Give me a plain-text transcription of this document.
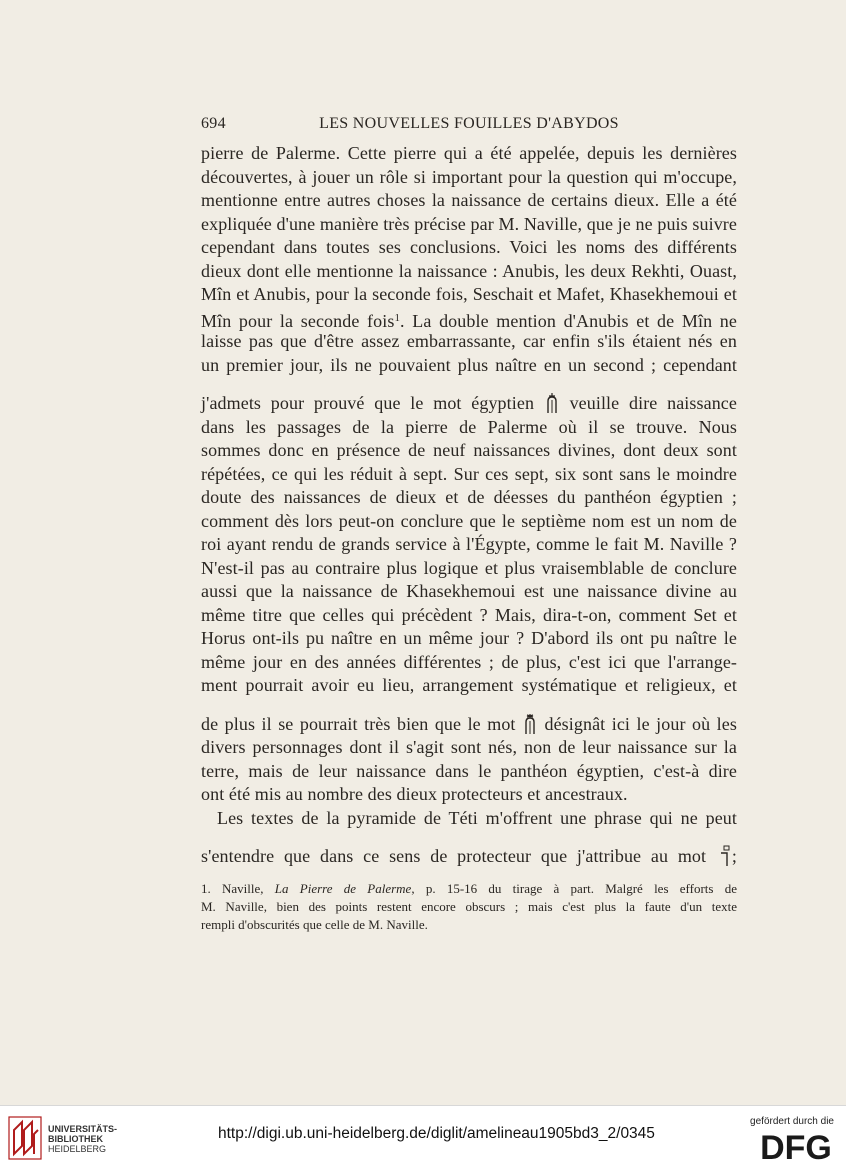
694	LES NOUVELLES FOUILLES D'ABYDOS
pierre de Palerme. Cette pierre qui a été appelée, depuis les dernières
découvertes, à jouer un rôle si important pour la question qui m'occupe,
mentionne entre autres choses la naissance de certains dieux. Elle a été
expliquée d'une manière très précise par M. Naville, que je ne puis suivre
cependant dans toutes ses conclusions. Voici les noms des différents
dieux dont elle mentionne la naissance : Anubis, les deux Rekhti, Ouast,
Mîn et Anubis, pour la seconde fois, Seschait et Mafet, Khasekhemoui et
Mîn pour la seconde fois$^1$. La double mention d'Anubis et de Mîn ne
laisse pas que d'être assez embarrassante, car enfin s'ils étaient nés en
un premier jour, ils ne pouvaient plus naître en un second ; cependant
j'admets pour prouvé que le mot égyptien veuille dire naissance
dans les passages de la pierre de Palerme où il se trouve. Nous
sommes donc en présence de neuf naissances divines, dont deux sont
répétées, ce qui les réduit à sept. Sur ces sept, six sont sans le moindre
doute des naissances de dieux et de déesses du panthéon égyptien ;
comment dès lors peut-on conclure que le septième nom est un nom de
roi ayant rendu de grands service à l'Égypte, comme le fait M. Naville ?
N'est-il pas au contraire plus logique et plus vraisemblable de conclure
aussi que la naissance de Khasekhemoui est une naissance divine au
même titre que celles qui précèdent ? Mais, dira-t-on, comment Set et
Horus ont-ils pu naître en un même jour ? D'abord ils ont pu naître le
même jour en des années différentes ; de plus, c'est ici que l'arrange-
ment pourrait avoir eu lieu, arrangement systématique et religieux, et
de plus il se pourrait très bien que le mot désignât ici le jour où les
divers personnages dont il s'agit sont nés, non de leur naissance sur la
terre, mais de leur naissance dans le panthéon égyptien, c'est-à dire
ont été mis au nombre des dieux protecteurs et ancestraux.
Les textes de la pyramide de Téti m'offrent une phrase qui ne peut
s'entendre que dans ce sens de protecteur que j'attribue au mot ;
1. Naville, La Pierre de Palerme, p. 15-16 du tirage à part. Malgré les efforts de
M. Naville, bien des points restent encore obscurs ; mais c'est plus la faute d'un texte
rempli d'obscurités que celle de M. Naville.
UNIVERSITÄTS-
BIBLIOTHEK
HEIDELBERG
http://digi.ub.uni-heidelberg.de/diglit/amelineau1905bd3_2/0345
gefördert durch die
DFG
